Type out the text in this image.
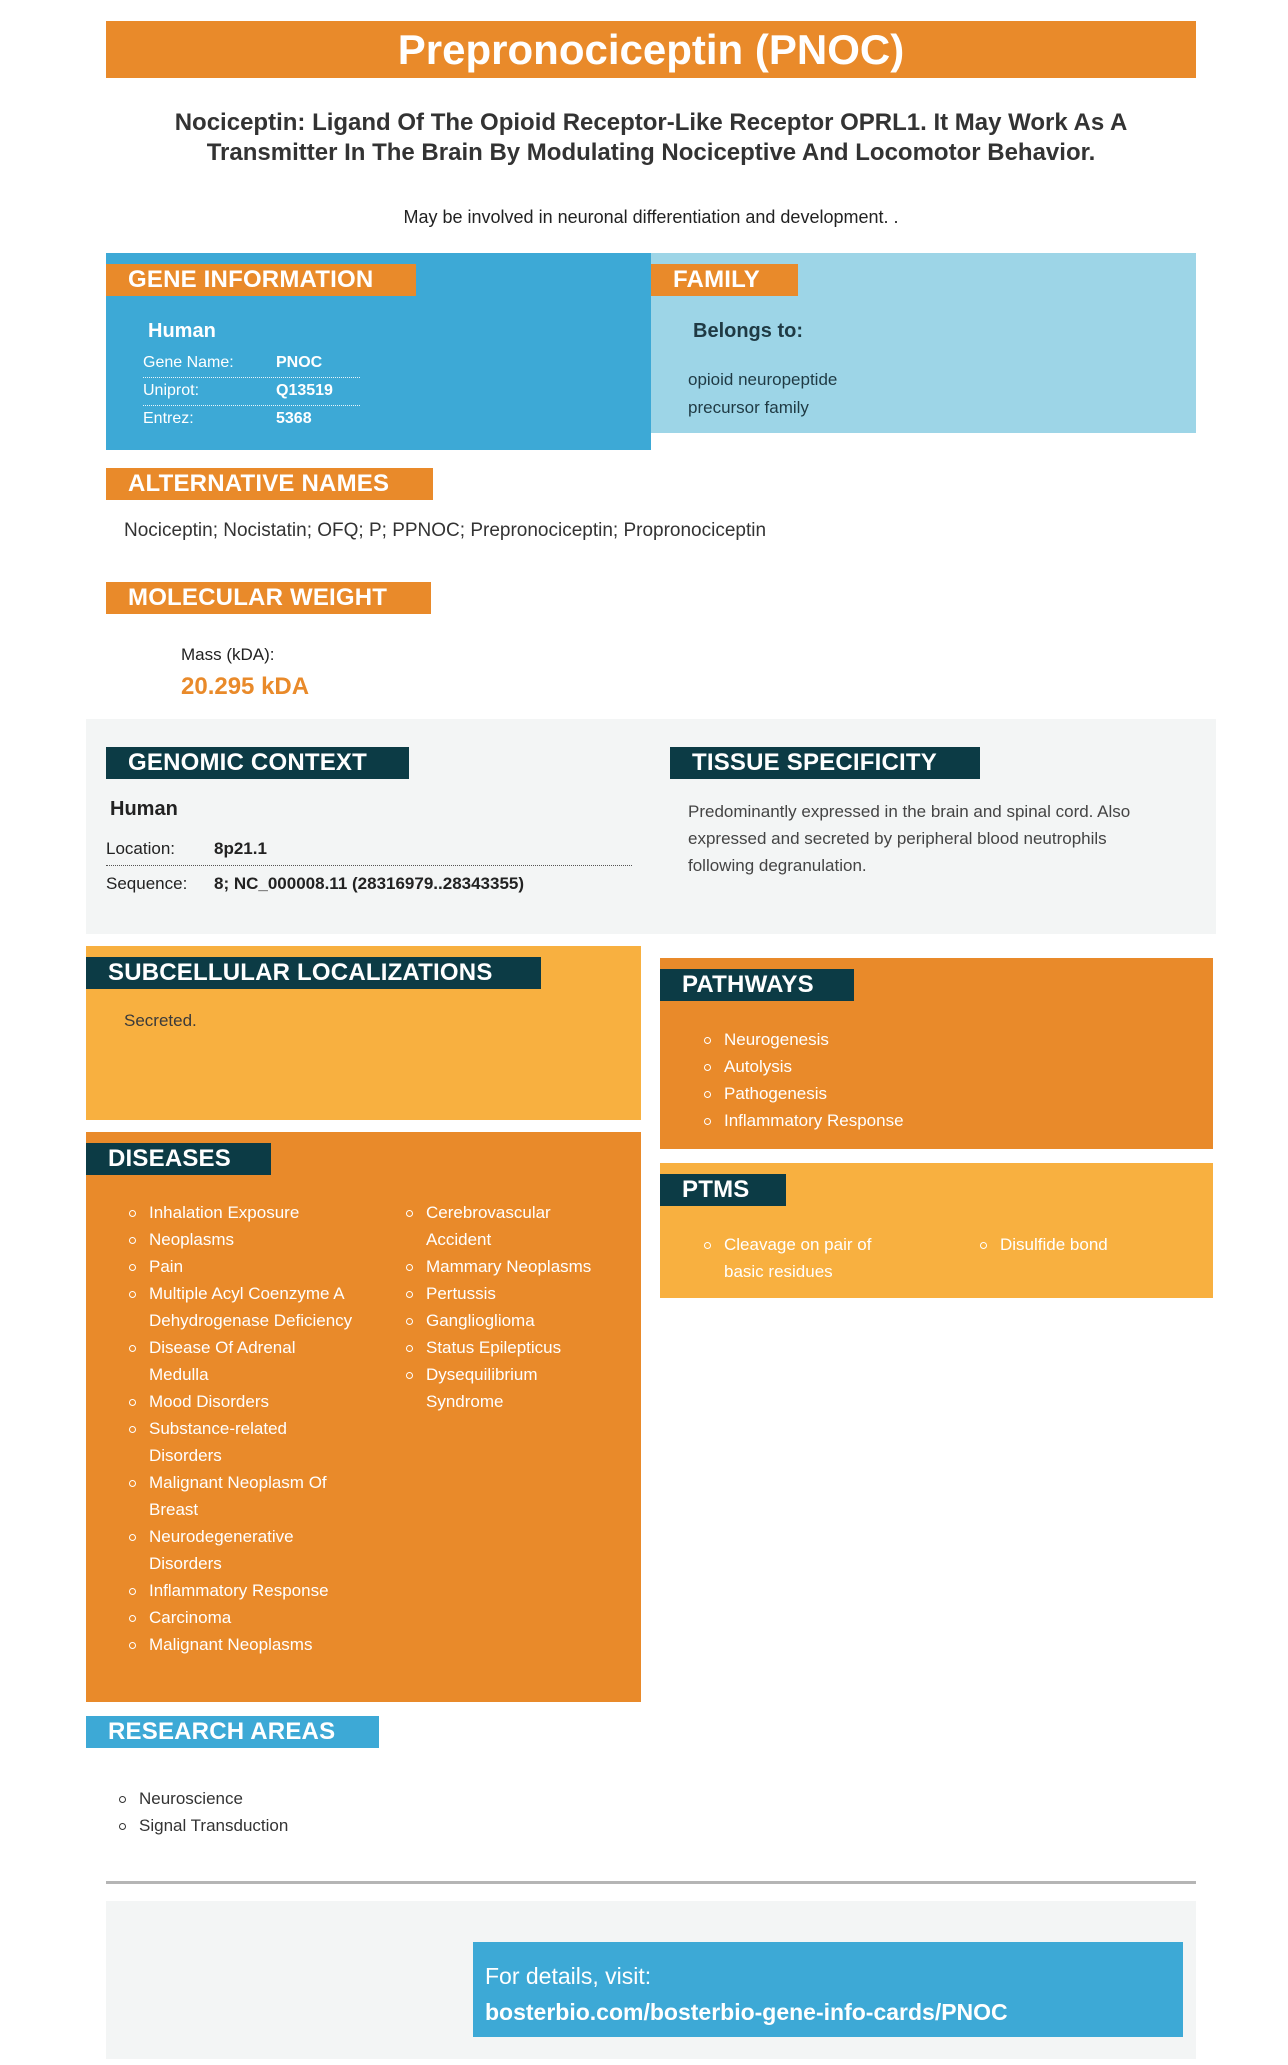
Prepronociceptin (PNOC)
Nociceptin: Ligand Of The Opioid Receptor-Like Receptor OPRL1. It May Work As A Transmitter In The Brain By Modulating Nociceptive And Locomotor Behavior.
May be involved in neuronal differentiation and development. .
GENE INFORMATION
Human
Gene Name:	PNOC
Uniprot:	Q13519
Entrez:	5368
FAMILY
Belongs to:
opioid neuropeptide
precursor family
ALTERNATIVE NAMES
Nociceptin; Nocistatin; OFQ; P; PPNOC; Prepronociceptin; Propronociceptin
MOLECULAR WEIGHT
Mass (kDA):
20.295 kDA
GENOMIC CONTEXT
Human
Location:	8p21.1
Sequence:	8; NC_000008.11 (28316979..28343355)
TISSUE SPECIFICITY
Predominantly expressed in the brain and spinal cord. Also expressed and secreted by peripheral blood neutrophils following degranulation.
SUBCELLULAR LOCALIZATIONS
Secreted.
PATHWAYS
Neurogenesis
Autolysis
Pathogenesis
Inflammatory Response
PTMS
Cleavage on pair of basic residues
Disulfide bond
DISEASES
Inhalation Exposure
Neoplasms
Pain
Multiple Acyl Coenzyme A Dehydrogenase Deficiency
Disease Of Adrenal Medulla
Mood Disorders
Substance-related Disorders
Malignant Neoplasm Of Breast
Neurodegenerative Disorders
Inflammatory Response
Carcinoma
Malignant Neoplasms
Cerebrovascular Accident
Mammary Neoplasms
Pertussis
Ganglioglioma
Status Epilepticus
Dysequilibrium Syndrome
RESEARCH AREAS
Neuroscience
Signal Transduction
For details, visit:
bosterbio.com/bosterbio-gene-info-cards/PNOC
